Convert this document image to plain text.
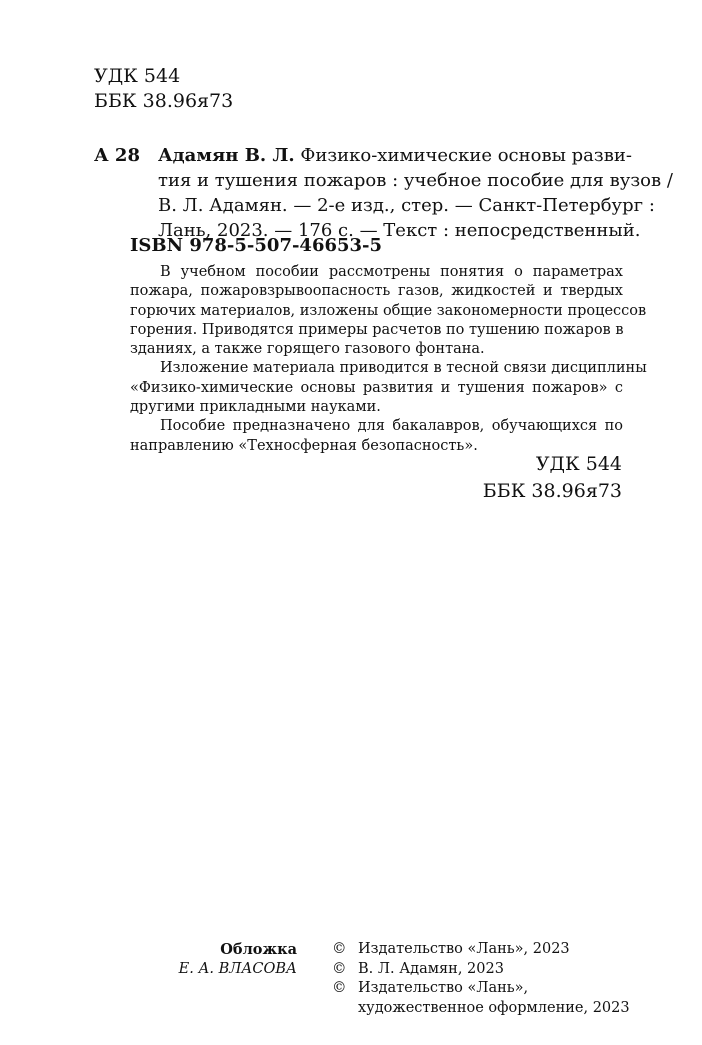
УДК 544
ББК 38.96я73
А 28 Адамян В. Л. Физико-химические основы разви-
тия и тушения пожаров : учебное пособие для вузов /
В. Л. Адамян. — 2-е изд., стер. — Санкт-Петербург :
Лань, 2023. — 176 с. — Текст : непосредственный.
ISBN 978-5-507-46653-5
В учебном пособии рассмотрены понятия о параметрах
пожара, пожаровзрывоопасность газов, жидкостей и твердых
горючих материалов, изложены общие закономерности процессов
горения. Приводятся примеры расчетов по тушению пожаров в
зданиях, а также горящего газового фонтана.
Изложение материала приводится в тесной связи дисциплины
«Физико-химические основы развития и тушения пожаров» с
другими прикладными науками.
Пособие предназначено для бакалавров, обучающихся по
направлению «Техносферная безопасность».
УДК 544
ББК 38.96я73
Обложка
Е. А. ВЛАСОВА
© Издательство «Лань», 2023
© В. Л. Адамян, 2023
© Издательство «Лань»,
художественное оформление, 2023
